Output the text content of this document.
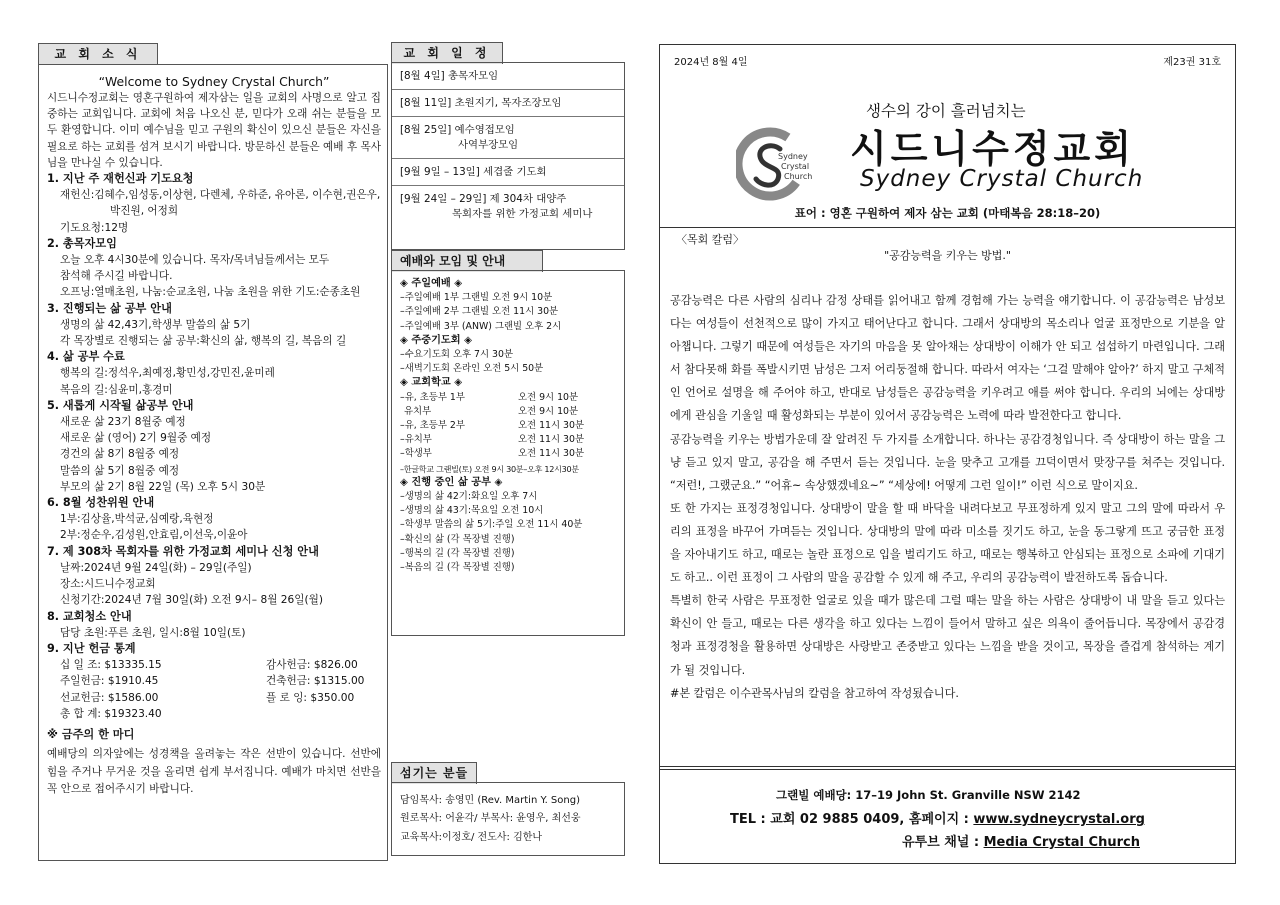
교 회 소 식
“Welcome to Sydney Crystal Church”
시드니수정교회는 영혼구원하여 제자삼는 일을 교회의 사명으로 알고 집중하는 교회입니다. 교회에 처음 나오신 분, 믿다가 오래 쉬는 분들을 모두 환영합니다. 이미 예수님을 믿고 구원의 확신이 있으신 분들은 자신을 필요로 하는 교회를 섬겨 보시기 바랍니다. 방문하신 분들은 예배 후 목사님을 만나실 수 있습니다.
1. 지난 주 재헌신과 기도요청
재헌신:김혜수,임성동,이상현, 다렌체, 우하준, 유아론, 이수현,권은우,
박진원, 어정희
기도요청:12명
2. 총목자모임
오늘 오후 4시30분에 있습니다. 목자/목녀님들께서는 모두
참석해 주시길 바랍니다.
오프닝:열매초원, 나눔:순교초원, 나눔 초원을 위한 기도:순종초원
3. 진행되는 삶 공부 안내
생명의 삶 42,43기,학생부 말씀의 삶 5기
각 목장별로 진행되는 삶 공부:확신의 삶, 행복의 길, 복음의 길
4. 삶 공부 수료
행복의 길:정석우,최예정,황민성,강민진,윤미레
복음의 길:심윤미,홍경미
5. 새롭게 시작될 삶공부 안내
새로운 삶 23기 8월중 예정
새로운 삶 (영어) 2기 9월중 예정
경건의 삶 8기 8월중 예정
말씀의 삶 5기 8월중 예정
부모의 삶 2기 8월 22일 (목) 오후 5시 30분
6. 8월 성찬위원 안내
1부:김상율,박석균,심예랑,육현정
2부:정순우,김성원,안효림,이선욱,이윤아
7. 제 308차 목회자를 위한 가정교회 세미나 신청 안내
날짜:2024년 9월 24일(화) – 29일(주일)
장소:시드니수정교회
신청기간:2024년 7월 30일(화) 오전 9시– 8월 26일(월)
8. 교회청소 안내
담당 초원:푸른 초원, 일시:8월 10일(토)
9. 지난 헌금 통계
십 일 조: $13335.15	감사헌금: $826.00
주일헌금: $1910.45	건축헌금: $1315.00
선교헌금: $1586.00	플 로 잉: $350.00
총 합 계: $19323.40
※ 금주의 한 마디
예배당의 의자앞에는 성경책을 올려놓는 작은 선반이 있습니다. 선반에 힘을 주거나 무거운 것을 올리면 쉽게 부서집니다. 예배가 마치면 선반을 꼭 안으로 접어주시기 바랍니다.
교 회 일 정
[8월 4일] 총목자모임
[8월 11일] 초원지기, 목자조장모임
[8월 25일] 예수영접모임
사역부장모임
[9월 9일 – 13일] 세겹줄 기도회
[9월 24일 – 29일] 제 304차 대양주
목회자를 위한 가정교회 세미나
예배와 모임 및 안내
◈ 주일예배 ◈
–주일예배 1부 그랜빌 오전 9시 10분
–주일예배 2부 그랜빌 오전 11시 30분
–주일예배 3부 (ANW) 그랜빌 오후 2시
◈ 주중기도회 ◈
–수요기도회 오후 7시 30분
–새벽기도회 온라인 오전 5시 50분
◈ 교회학교 ◈
–유, 초등부 1부	오전 9시 10분
유치부	오전 9시 10분
–유, 초등부 2부	오전 11시 30분
–유치부	오전 11시 30분
–학생부	오전 11시 30분
–한글학교 그랜빌(토) 오전 9시 30분–오후 12시30분
◈ 진행 중인 삶 공부 ◈
–생명의 삶 42기:화요일 오후 7시
–생명의 삶 43기:목요일 오전 10시
–학생부 말씀의 삶 5기:주일 오전 11시 40분
–확신의 삶 (각 목장별 진행)
–행복의 길 (각 목장별 진행)
–복음의 길 (각 목장별 진행)
섬기는 분들
담임목사: 송영민 (Rev. Martin Y. Song)
원로목사: 어윤각/ 부목사: 윤영우, 최선웅
교육목사:이정호/ 전도사: 김한나
2024년 8월 4일	제23권 31호
Sydney
Crystal
Church
생수의 강이 흘러넘치는
시드니수정교회
Sydney Crystal Church
표어 : 영혼 구원하여 제자 삼는 교회 (마태복음 28:18–20)
〈목회 칼럼〉
"공감능력을 키우는 방법."

공감능력은 다른 사람의 심리나 감정 상태를 읽어내고 함께 경험해 가는 능력을 얘기합니다. 이 공감능력은 남성보다는 여성들이 선천적으로 많이 가지고 태어난다고 합니다. 그래서 상대방의 목소리나 얼굴 표정만으로 기분을 알아챕니다. 그렇기 때문에 여성들은 자기의 마음을 못 알아채는 상대방이 이해가 안 되고 섭섭하기 마련입니다. 그래서 참다못해 화를 폭발시키면 남성은 그저 어리둥절해 합니다. 따라서 여자는 ‘그걸 말해야 알아?’ 하지 말고 구체적인 언어로 설명을 해 주어야 하고, 반대로 남성들은 공감능력을 키우려고 애를 써야 합니다. 우리의 뇌에는 상대방에게 관심을 기울일 때 활성화되는 부분이 있어서 공감능력은 노력에 따라 발전한다고 합니다.

공감능력을 키우는 방법가운데 잘 알려진 두 가지를 소개합니다. 하나는 공감경청입니다. 즉 상대방이 하는 말을 그냥 듣고 있지 말고, 공감을 해 주면서 듣는 것입니다. 눈을 맞추고 고개를 끄덕이면서 맞장구를 쳐주는 것입니다. “저런!, 그랬군요.” “어휴~ 속상했겠네요~” “세상에! 어떻게 그런 일이!” 이런 식으로 말이지요.

또 한 가지는 표정경청입니다. 상대방이 말을 할 때 바닥을 내려다보고 무표정하게 있지 말고 그의 말에 따라서 우리의 표정을 바꾸어 가며듣는 것입니다. 상대방의 말에 따라 미소를 짓기도 하고, 눈을 동그랗게 뜨고 궁금한 표정을 자아내기도 하고, 때로는 놀란 표정으로 입을 벌리기도 하고, 때로는 행복하고 안심되는 표정으로 소파에 기대기도 하고.. 이런 표정이 그 사람의 말을 공감할 수 있게 해 주고, 우리의 공감능력이 발전하도록 돕습니다.

특별히 한국 사람은 무표정한 얼굴로 있을 때가 많은데 그럴 때는 말을 하는 사람은 상대방이 내 말을 듣고 있다는 확신이 안 들고, 때로는 다른 생각을 하고 있다는 느낌이 들어서 말하고 싶은 의욕이 줄어듭니다. 목장에서 공감경청과 표정경청을 활용하면 상대방은 사랑받고 존중받고 있다는 느낌을 받을 것이고, 목장을 즐겁게 참석하는 계기가 될 것입니다.

#본 칼럼은 이수관목사님의 칼럼을 참고하여 작성됬습니다.

그랜빌 예배당: 17–19 John St. Granville NSW 2142
TEL : 교회 02 9885 0409, 홈페이지 : www.sydneycrystal.org
유투브 채널 : Media Crystal Church
